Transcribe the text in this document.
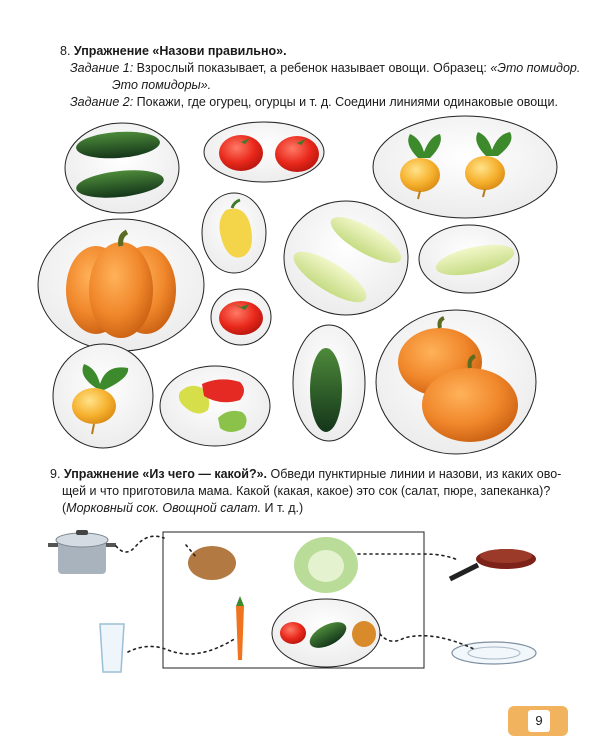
8. Упражнение «Назови правильно».
Задание 1: Взрослый показывает, а ребенок называет овощи. Образец: «Это помидор.
Это помидоры».
Задание 2: Покажи, где огурец, огурцы и т. д. Соедини линиями одинаковые овощи.
9. Упражнение «Из чего — какой?». Обведи пунктирные линии и назови, из каких ово-
щей и что приготовила мама. Какой (какая, какое) это сок (салат, пюре, запеканка)?
(Морковный сок. Овощной салат. И т. д.)
9
